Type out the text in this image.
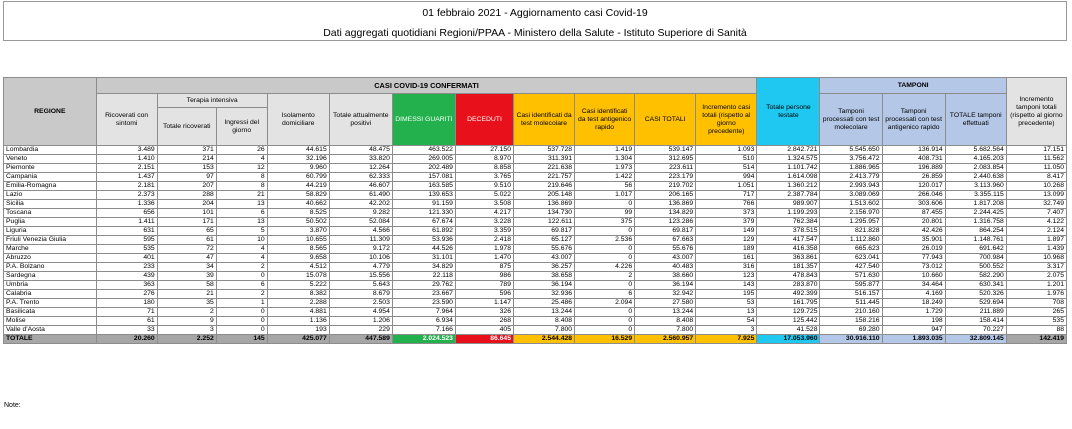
01 febbraio 2021 - Aggiornamento casi Covid-19
Dati aggregati quotidiani Regioni/PPAA - Ministero della Salute - Istituto Superiore di Sanità
REGIONE	CASI COVID-19 CONFERMATI											Totale persone testate	TAMPONI			Incremento tamponi totali (rispetto al giorno precedente)
	Ricoverati con sintomi	Terapia intensiva		Isolamento domiciliare	Totale attualmente positivi	DIMESSI GUARITI	DECEDUTI	Casi identificati da test molecolare	Casi identificati da test antigenico rapido	CASI TOTALI	Incremento casi totali (rispetto al giorno precedente)		Tamponi processati con test molecolare	Tamponi processati con test antigenico rapido	TOTALE tamponi effettuati	
		Totale ricoverati	Ingressi del giorno													
Lombardia	3.489	371	26	44.615	48.475	463.522	27.150	537.728	1.419	539.147	1.093	2.842.721	5.545.650	136.914	5.682.564	17.151
Veneto	1.410	214	4	32.196	33.820	269.005	8.970	311.391	1.304	312.695	510	1.324.575	3.756.472	408.731	4.165.203	11.562
Piemonte	2.151	153	12	9.960	12.264	202.489	8.858	221.638	1.973	223.611	514	1.101.742	1.886.965	196.889	2.083.854	11.050
Campania	1.437	97	8	60.799	62.333	157.081	3.765	221.757	1.422	223.179	994	1.614.098	2.413.779	26.859	2.440.638	8.417
Emilia-Romagna	2.181	207	8	44.219	46.607	163.585	9.510	219.646	56	219.702	1.051	1.360.212	2.993.943	120.017	3.113.960	10.268
Lazio	2.373	288	21	58.829	61.490	139.653	5.022	205.148	1.017	206.165	717	2.387.784	3.089.069	266.046	3.355.115	13.099
Sicilia	1.336	204	13	40.662	42.202	91.159	3.508	136.869	0	136.869	766	989.907	1.513.602	303.606	1.817.208	32.749
Toscana	656	101	6	8.525	9.282	121.330	4.217	134.730	99	134.829	373	1.199.293	2.156.970	87.455	2.244.425	7.407
Puglia	1.411	171	13	50.502	52.084	67.674	3.228	122.611	375	123.286	379	762.384	1.295.957	20.801	1.316.758	4.122
Liguria	631	65	5	3.870	4.566	61.892	3.359	69.817	0	69.817	149	378.515	821.828	42.426	864.254	2.124
Friuli Venezia Giulia	595	61	10	10.655	11.309	53.936	2.418	65.127	2.536	67.663	129	417.547	1.112.860	35.901	1.148.761	1.897
Marche	535	72	4	8.565	9.172	44.526	1.978	55.676	0	55.676	189	416.358	665.623	26.019	691.642	1.439
Abruzzo	401	47	4	9.658	10.106	31.101	1.470	43.007	0	43.007	161	363.861	623.041	77.943	700.984	10.968
P.A. Bolzano	233	34	2	4.512	4.779	34.829	875	36.257	4.226	40.483	316	181.357	427.540	73.012	500.552	3.317
Sardegna	439	39	0	15.078	15.556	22.118	986	38.658	2	38.660	123	478.843	571.630	10.660	582.290	2.075
Umbria	363	58	6	5.222	5.643	29.762	789	36.194	0	36.194	143	283.870	595.877	34.464	630.341	1.201
Calabria	276	21	2	8.382	8.679	23.667	596	32.936	6	32.942	195	492.399	516.157	4.169	520.326	1.976
P.A. Trento	180	35	1	2.288	2.503	23.590	1.147	25.486	2.094	27.580	53	161.795	511.445	18.249	529.694	708
Basilicata	71	2	0	4.881	4.954	7.964	326	13.244	0	13.244	13	129.725	210.160	1.729	211.889	265
Molise	61	9	0	1.136	1.206	6.934	268	8.408	0	8.408	54	125.442	158.216	198	158.414	535
Valle d'Aosta	33	3	0	193	229	7.166	405	7.800	0	7.800	3	41.528	69.280	947	70.227	88
TOTALE	20.260	2.252	145	425.077	447.589	2.024.523	86.645	2.544.428	16.529	2.560.957	7.925	17.053.960	30.916.110	1.893.035	32.809.145	142.419
Note:
